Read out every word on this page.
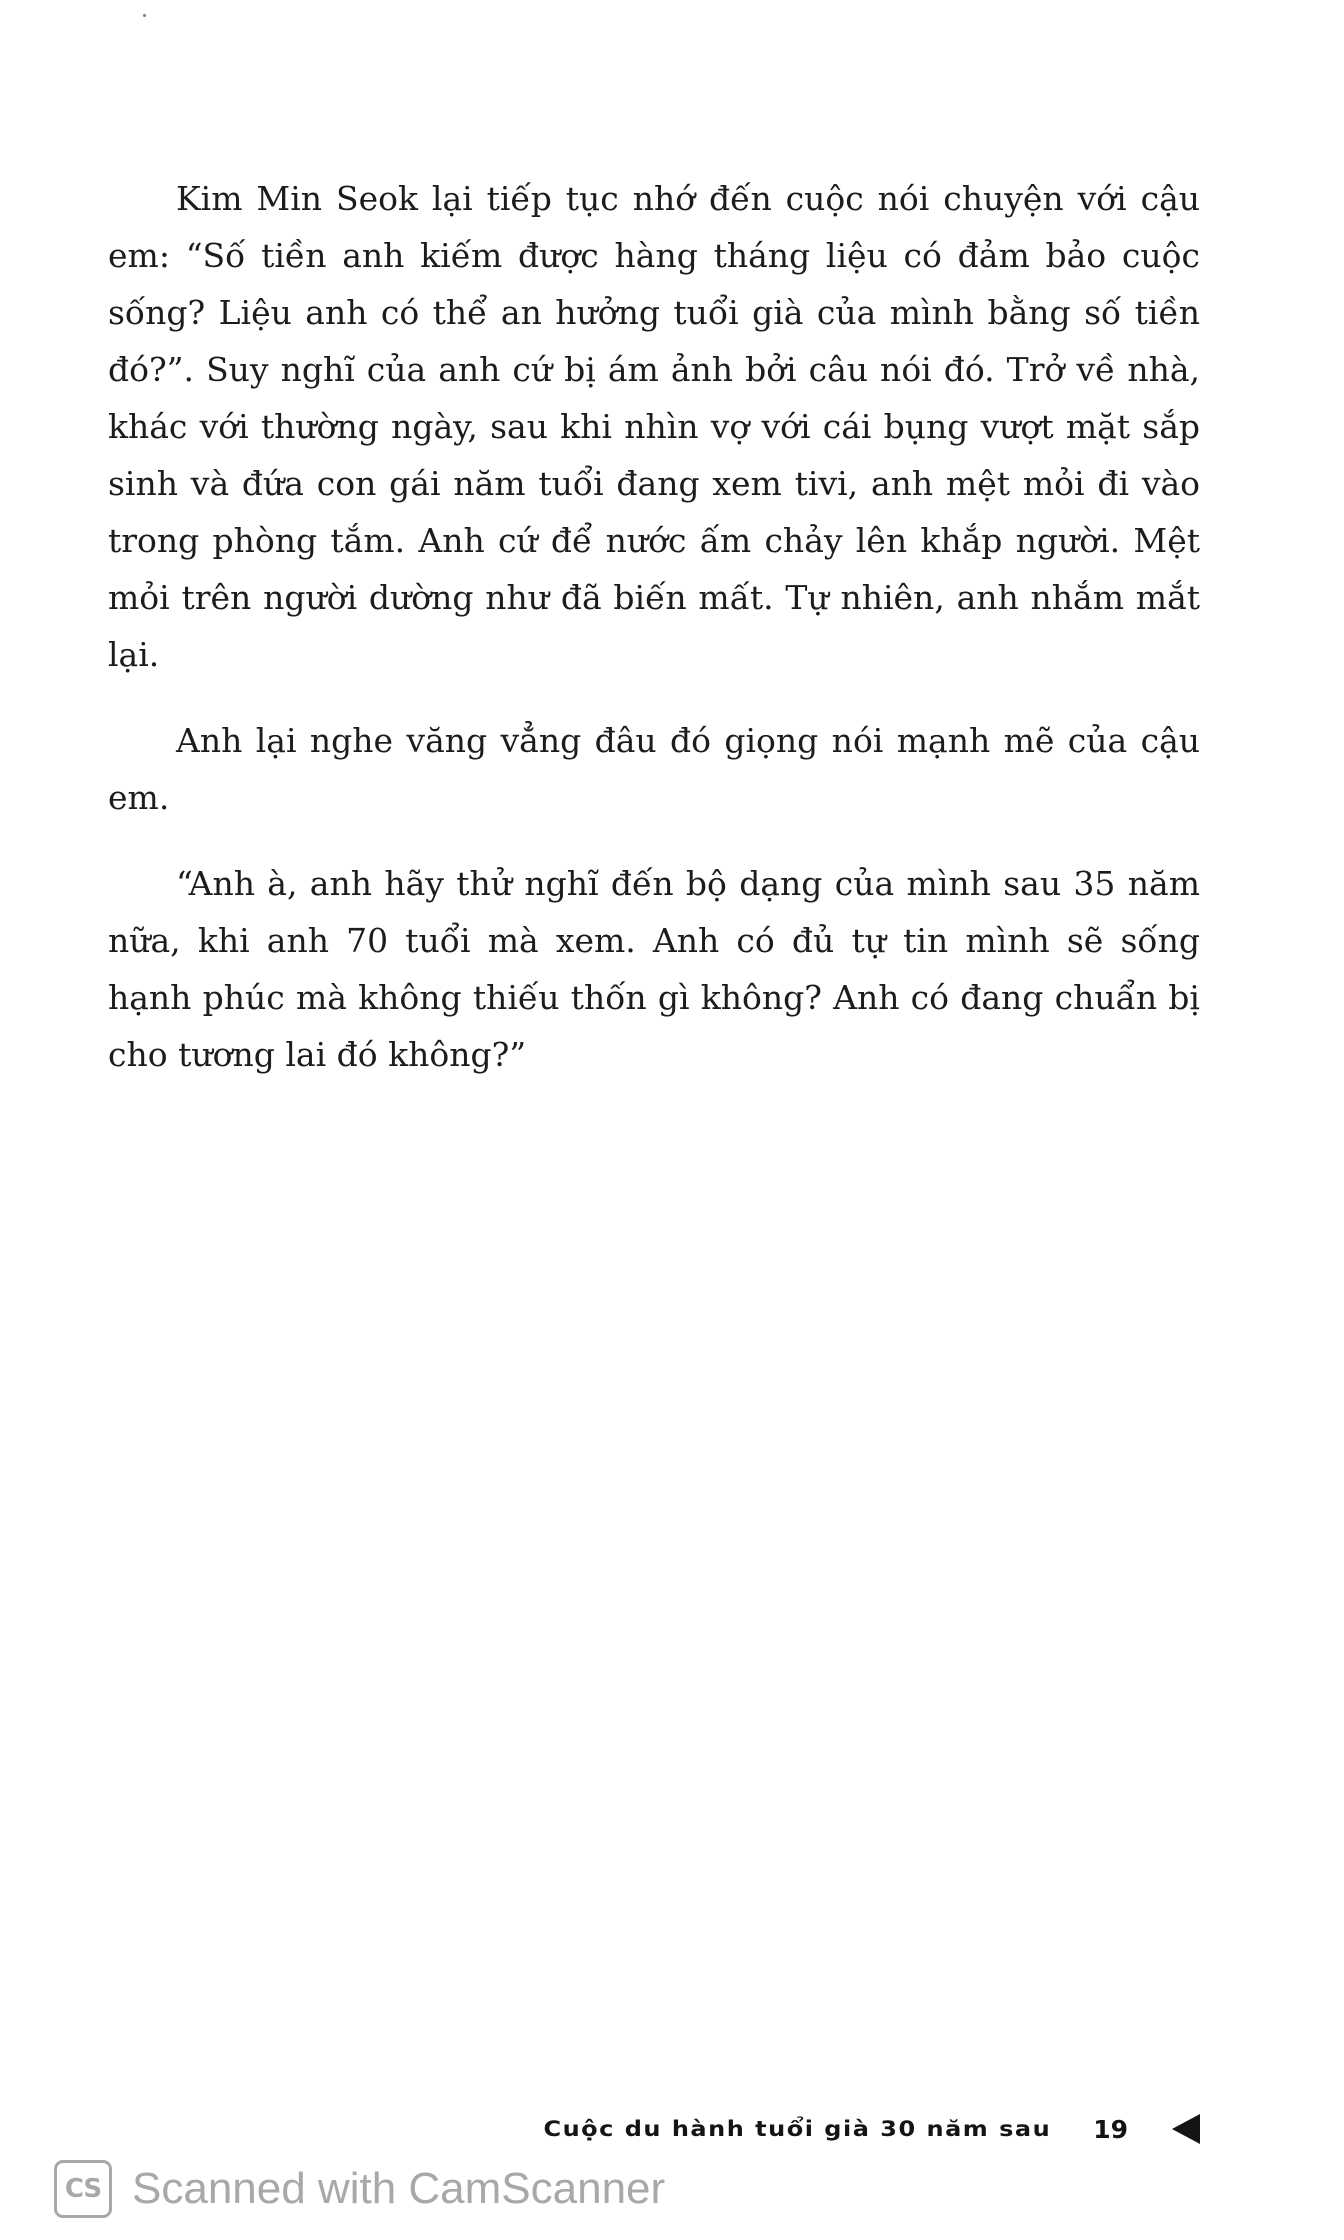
Kim Min Seok lại tiếp tục nhớ đến cuộc nói chuyện với cậu em: “Số tiền anh kiếm được hàng tháng liệu có đảm bảo cuộc sống? Liệu anh có thể an hưởng tuổi già của mình bằng số tiền đó?”. Suy nghĩ của anh cứ bị ám ảnh bởi câu nói đó. Trở về nhà, khác với thường ngày, sau khi nhìn vợ với cái bụng vượt mặt sắp sinh và đứa con gái năm tuổi đang xem tivi, anh mệt mỏi đi vào trong phòng tắm. Anh cứ để nước ấm chảy lên khắp người. Mệt mỏi trên người dường như đã biến mất. Tự nhiên, anh nhắm mắt lại.

Anh lại nghe văng vẳng đâu đó giọng nói mạnh mẽ của cậu em.

“Anh à, anh hãy thử nghĩ đến bộ dạng của mình sau 35 năm nữa, khi anh 70 tuổi mà xem. Anh có đủ tự tin mình sẽ sống hạnh phúc mà không thiếu thốn gì không? Anh có đang chuẩn bị cho tương lai đó không?”

Cuộc du hành tuổi già 30 năm sau 19
CS Scanned with CamScanner
